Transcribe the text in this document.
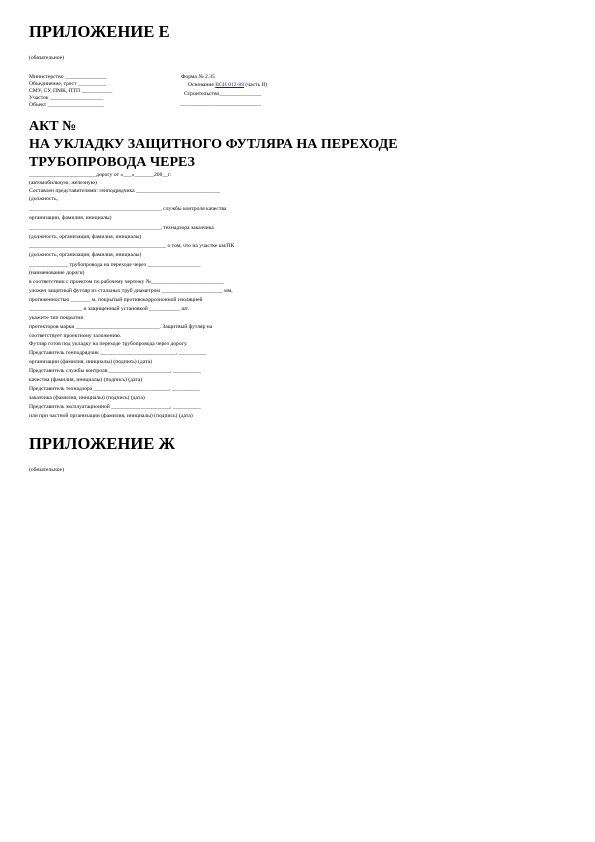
ПРИЛОЖЕНИЕ Е
(обязательное)
Министерство _______________
Объединение, трест __________
СМУ, СУ, ПМК, ПТП ___________
Участок ___________________
Объект ____________________
Форма № 2.35
Основание ВСН 012-88 (часть II)
Строительство_______________
_____________________________
АКТ №
НА УКЛАДКУ ЗАЩИТНОГО ФУТЛЯРА НА ПЕРЕХОДЕ
ТРУБОПРОВОДА ЧЕРЕЗ
________________________дорогу от «___»_______200__г.
(автомобильную, железную)
Составлен представителями: генподрядчика ______________________________
(должность,
_______________________________________________, службы контроля качества
организации, фамилия, инициалы)
_______________________________________________, технадзора заказчика
(должность, организация, фамилия, инициалы)
_________________________________________________ о том, что на участке км/ПК
(должность, организация, фамилия, инициалы)
______________ трубопровода на переходе через ___________________
(наименование дороги)
в соответствии с проектом по рабочему чертежу №__________________________
уложен защитный футляр из стальных труб диаметром ______________________ мм,
протяженностью _______ м, покрытый противокоррозионной изоляцией
___________________ и защищенный установкой ___________ шт.
укажите тип покрытия
протекторов марки ______________________________. Защитный футляр на
соответствует проектному заложению.
Футляр готов под укладку на переходе трубопровода через дорогу.
Представитель генподрядчик ___________________________, __________
организации (фамилия, инициалы) (подпись) (дата)
Представитель службы контроля ______________________, __________
качества (фамилия, инициалы) (подпись) (дата)
Представитель технадзора ___________________________, __________
заказчика (фамилия, инициалы) (подпись) (дата)
Представитель эксплуатационной _____________________, __________
или при частной организации (фамилия, инициалы) (подпись) (дата)
ПРИЛОЖЕНИЕ Ж
(обязательное)
